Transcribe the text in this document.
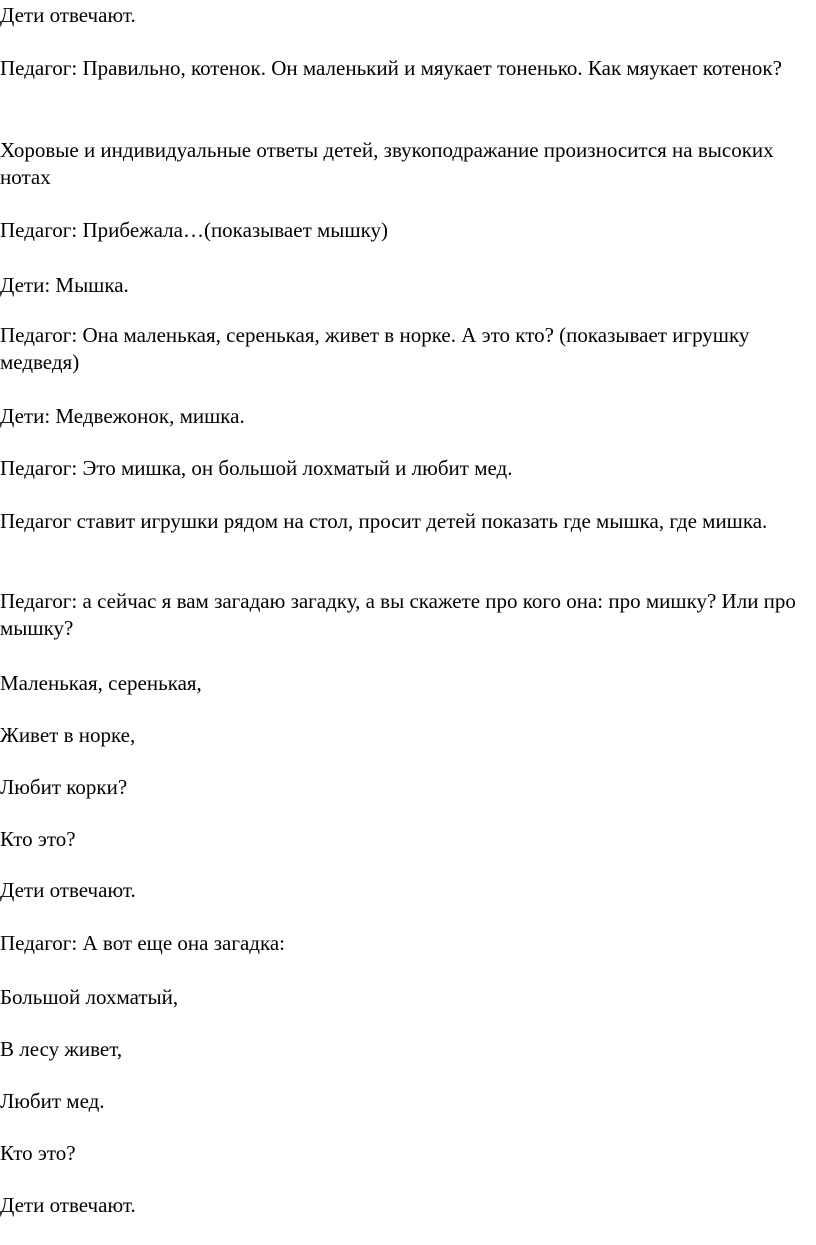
Дети отвечают.

Педагог: Правильно, котенок. Он маленький и мяукает тоненько. Как мяукает котенок?

Хоровые и индивидуальные ответы детей, звукоподражание произносится на высоких нотах

Педагог: Прибежала…(показывает мышку)

Дети: Мышка.

Педагог: Она маленькая, серенькая, живет в норке. А это кто? (показывает игрушку медведя)

Дети: Медвежонок, мишка.

Педагог: Это мишка, он большой лохматый и любит мед.

Педагог ставит игрушки рядом на стол, просит детей показать где мышка, где мишка.

Педагог: а сейчас я вам загадаю загадку, а вы скажете про кого она: про мишку? Или про мышку?

Маленькая, серенькая,

Живет в норке,

Любит корки?

Кто это?

Дети отвечают.

Педагог: А вот еще она загадка:

Большой лохматый,

В лесу живет,

Любит мед.

Кто это?

Дети отвечают.
